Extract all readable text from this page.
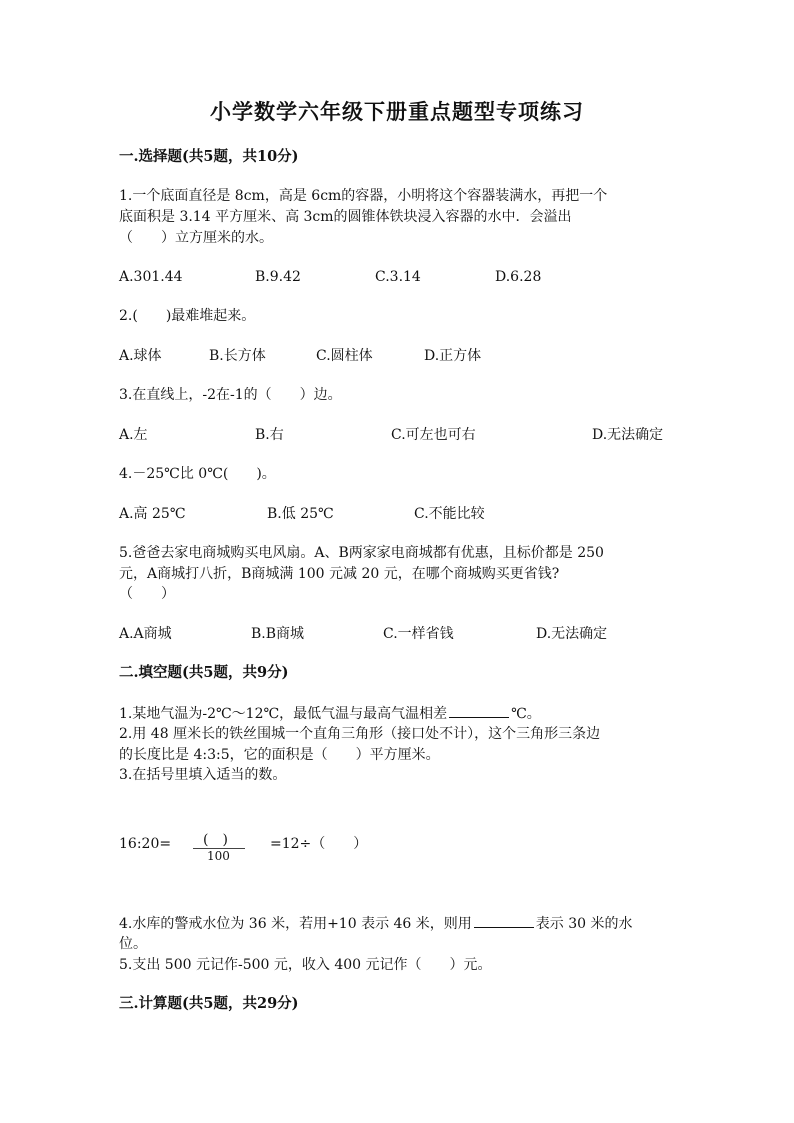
小学数学六年级下册重点题型专项练习
一.选择题(共5题，共10分)
1.一个底面直径是 8cm，高是 6cm的容器，小明将这个容器装满水，再把一个
底面积是 3.14 平方厘米、高 3cm的圆锥体铁块浸入容器的水中．会溢出
（　　）立方厘米的水。
A.301.44	B.9.42	C.3.14	D.6.28
2.(　　)最难堆起来。
A.球体	B.长方体	C.圆柱体	D.正方体
3.在直线上，-2在-1的（　　）边。
A.左	B.右	C.可左也可右	D.无法确定
4.－25℃比 0℃(　　)。
A.高 25℃	B.低 25℃	C.不能比较
5.爸爸去家电商城购买电风扇。A、B两家家电商城都有优惠，且标价都是 250
元，A商城打八折，B商城满 100 元减 20 元，在哪个商城购买更省钱?
（　　）
A.A商城	B.B商城	C.一样省钱	D.无法确定
二.填空题(共5题，共9分)
1.某地气温为-2℃～12℃，最低气温与最高气温相差	℃。
2.用 48 厘米长的铁丝围城一个直角三角形（接口处不计），这个三角形三条边
的长度比是 4:3:5，它的面积是（　　）平方厘米。
3.在括号里填入适当的数。
16:20= (　)
100
=12÷（　　）
4.水库的警戒水位为 36 米，若用+10 表示 46 米，则用	表示 30 米的水
位。
5.支出 500 元记作-500 元，收入 400 元记作（　　）元。
三.计算题(共5题，共29分)
